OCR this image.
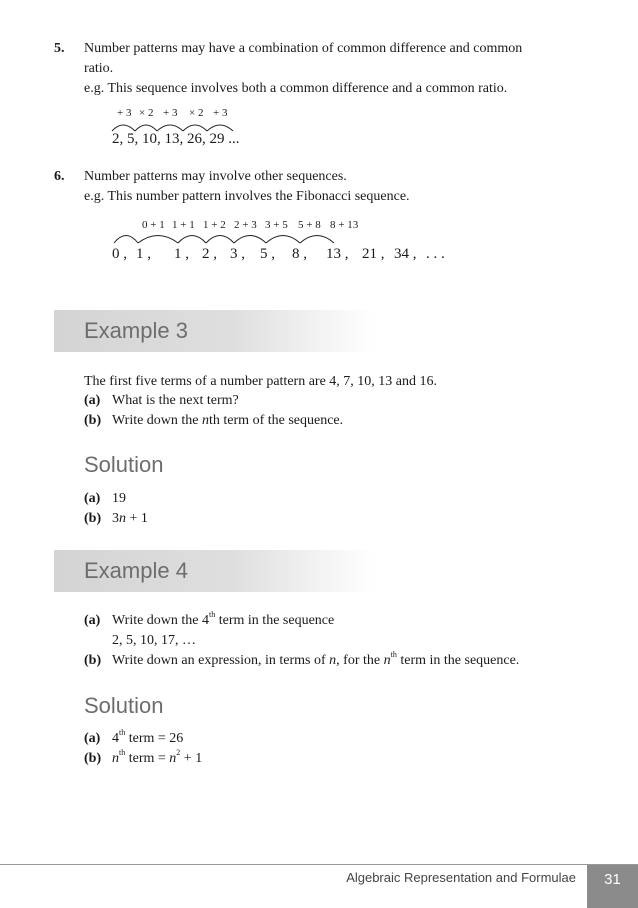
5. Number patterns may have a combination of common difference and common
ratio.
e.g. This sequence involves both a common difference and a common ratio.
+ 3 × 2 + 3 × 2 + 3
2, 5, 10, 13, 26, 29 ...
6. Number patterns may involve other sequences.
e.g. This number pattern involves the Fibonacci sequence.
0 + 1 1 + 1 1 + 2 2 + 3 3 + 5 5 + 8 8 + 13
0 , 1 , 1 , 2 , 3 , 5 , 8 , 13 , 21 , 34 , . . .
Example 3
The first five terms of a number pattern are 4, 7, 10, 13 and 16.
(a) What is the next term?
(b) Write down the nth term of the sequence.
Solution
(a) 19
(b) 3n + 1
Example 4
(a) Write down the 4th term in the sequence
2, 5, 10, 17, …
(b) Write down an expression, in terms of n, for the $n^{th}$ term in the sequence.
Solution
(a) 4th term = 26
(b) $n^{th}$ term = $n^2 + 1$
Algebraic Representation and Formulae	31
